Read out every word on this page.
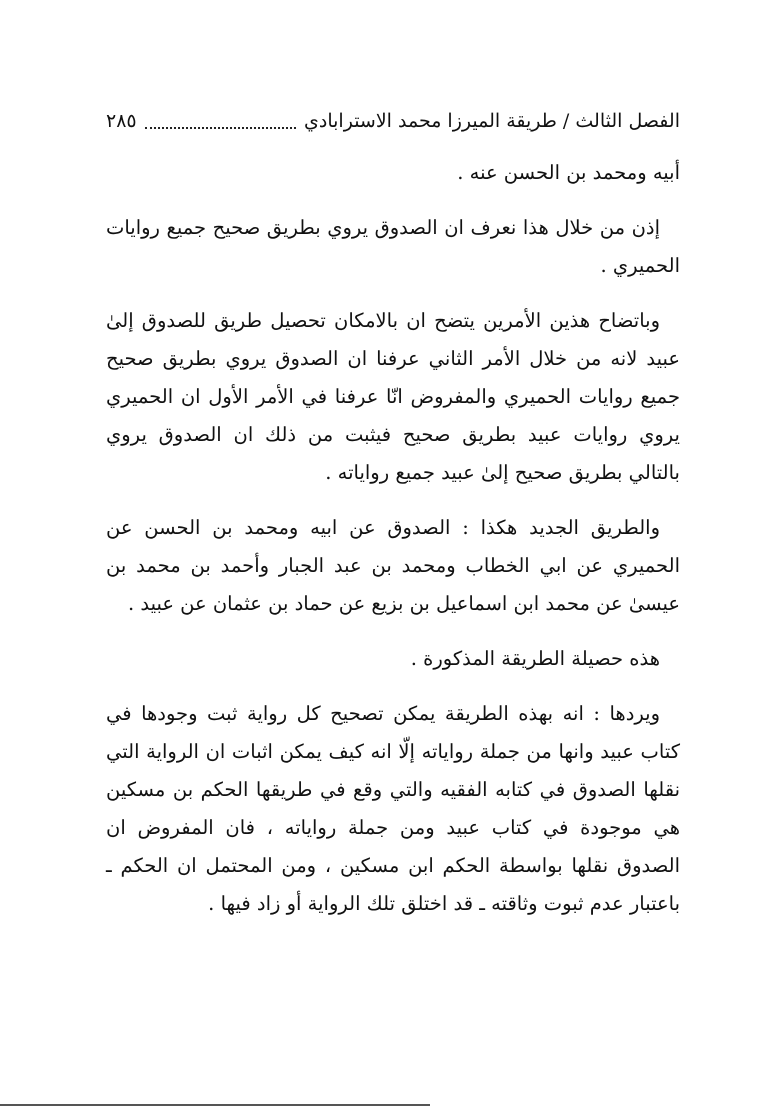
الفصل الثالث / طريقة الميرزا محمد الاسترابادي
٢٨٥

أبيه ومحمد بن الحسن عنه .

إذن من خلال هذا نعرف ان الصدوق يروي بطريق صحيح جميع روايات الحميري .

وباتضاح هذين الأمرين يتضح ان بالامكان تحصيل طريق للصدوق إلىٰ عبيد لانه من خلال الأمر الثاني عرفنا ان الصدوق يروي بطريق صحيح جميع روايات الحميري والمفروض انّا عرفنا في الأمر الأول ان الحميري يروي روايات عبيد بطريق صحيح فيثبت من ذلك ان الصدوق يروي بالتالي بطريق صحيح إلىٰ عبيد جميع رواياته .

والطريق الجديد هكذا : الصدوق عن ابيه ومحمد بن الحسن عن الحميري عن ابي الخطاب ومحمد بن عبد الجبار وأحمد بن محمد بن عيسىٰ عن محمد ابن اسماعيل بن بزيع عن حماد بن عثمان عن عبيد .

هذه حصيلة الطريقة المذكورة .

ويردها : انه بهذه الطريقة يمكن تصحيح كل رواية ثبت وجودها في كتاب عبيد وانها من جملة رواياته إلّا انه كيف يمكن اثبات ان الرواية التي نقلها الصدوق في كتابه الفقيه والتي وقع في طريقها الحكم بن مسكين هي موجودة في كتاب عبيد ومن جملة رواياته ، فان المفروض ان الصدوق نقلها بواسطة الحكم ابن مسكين ، ومن المحتمل ان الحكم ـ باعتبار عدم ثبوت وثاقته ـ قد اختلق تلك الرواية أو زاد فيها .
